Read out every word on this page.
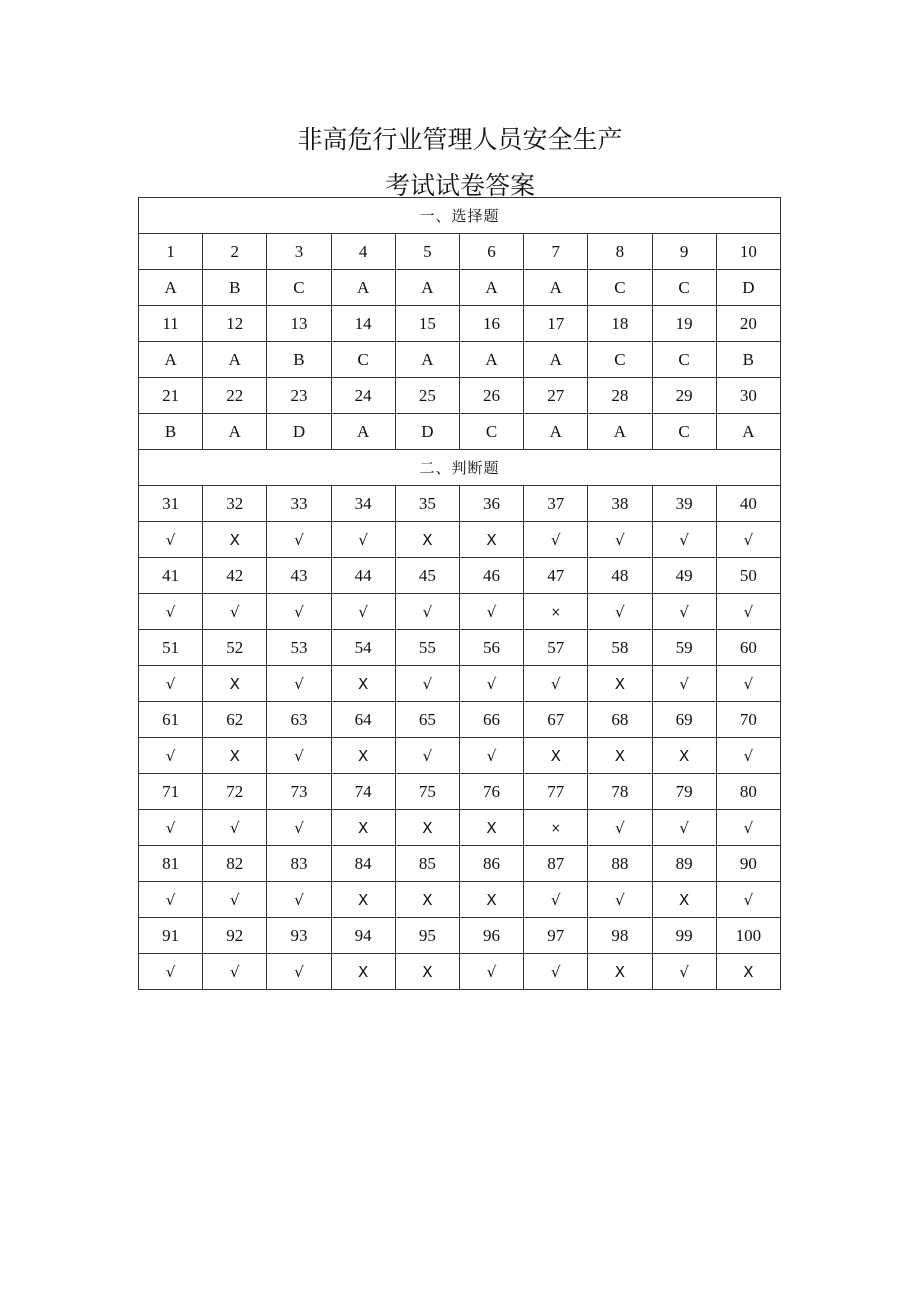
非高危行业管理人员安全生产
考试试卷答案
一、选择题									
1	2	3	4	5	6	7	8	9	10
A	B	C	A	A	A	A	C	C	D
11	12	13	14	15	16	17	18	19	20
A	A	B	C	A	A	A	C	C	B
21	22	23	24	25	26	27	28	29	30
B	A	D	A	D	C	A	A	C	A
二、判断题									
31	32	33	34	35	36	37	38	39	40
√	X	√	√	X	X	√	√	√	√
41	42	43	44	45	46	47	48	49	50
√	√	√	√	√	√	×	√	√	√
51	52	53	54	55	56	57	58	59	60
√	X	√	X	√	√	√	X	√	√
61	62	63	64	65	66	67	68	69	70
√	X	√	X	√	√	X	X	X	√
71	72	73	74	75	76	77	78	79	80
√	√	√	X	X	X	×	√	√	√
81	82	83	84	85	86	87	88	89	90
√	√	√	X	X	X	√	√	X	√
91	92	93	94	95	96	97	98	99	100
√	√	√	X	X	√	√	X	√	X
